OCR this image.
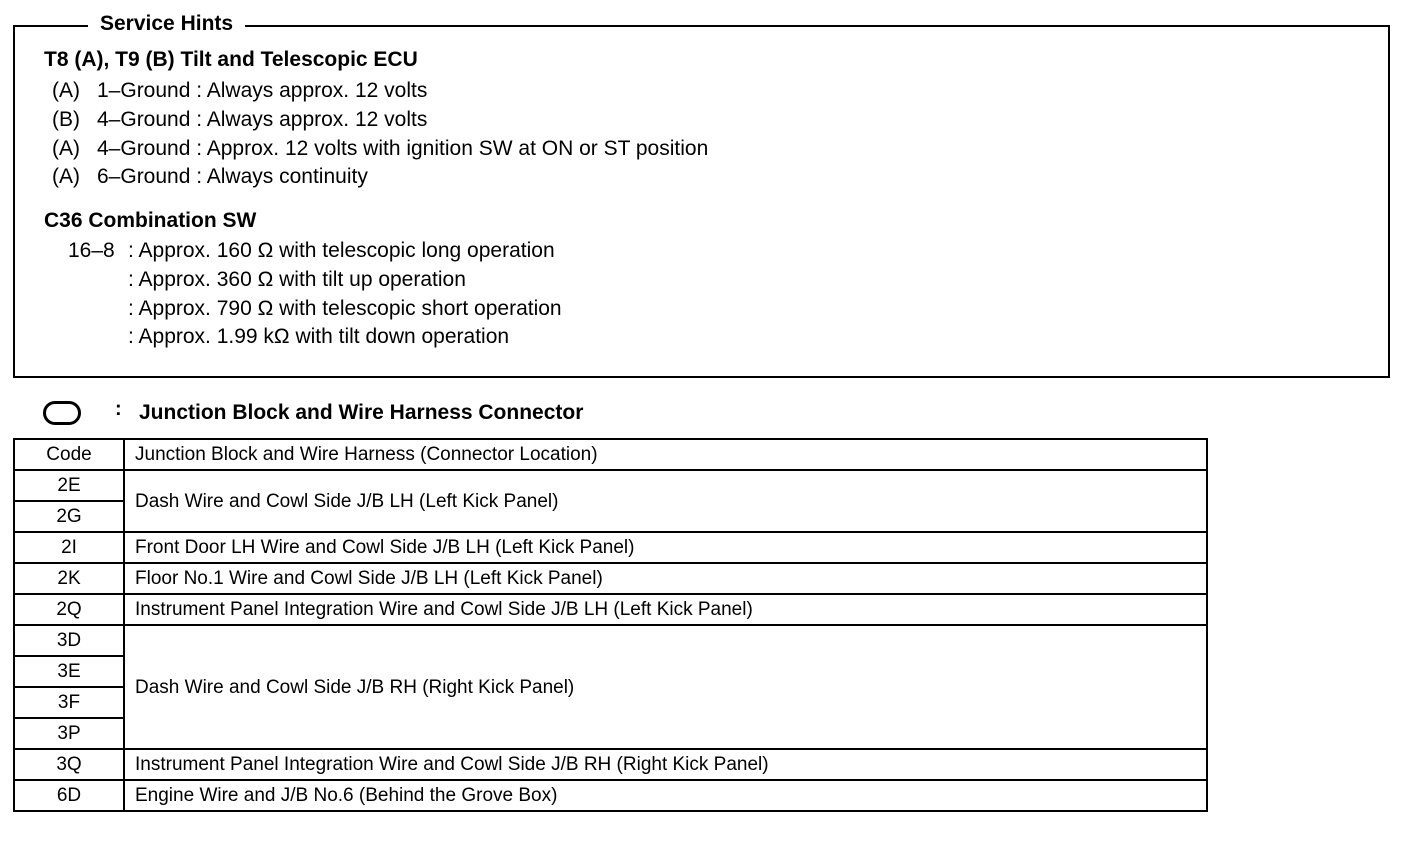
Service Hints
T8 (A), T9 (B) Tilt and Telescopic ECU
(A) 1–Ground : Always approx. 12 volts
(B) 4–Ground : Always approx. 12 volts
(A) 4–Ground : Approx. 12 volts with ignition SW at ON or ST position
(A) 6–Ground : Always continuity
C36 Combination SW
16–8 : Approx. 160 Ω with telescopic long operation
: Approx. 360 Ω with tilt up operation
: Approx. 790 Ω with telescopic short operation
: Approx. 1.99 kΩ with tilt down operation
: Junction Block and Wire Harness Connector
Code	Junction Block and Wire Harness (Connector Location)
2E	Dash Wire and Cowl Side J/B LH (Left Kick Panel)
2G	
2I	Front Door LH Wire and Cowl Side J/B LH (Left Kick Panel)
2K	Floor No.1 Wire and Cowl Side J/B LH (Left Kick Panel)
2Q	Instrument Panel Integration Wire and Cowl Side J/B LH (Left Kick Panel)
3D	Dash Wire and Cowl Side J/B RH (Right Kick Panel)
3E	
3F	
3P	
3Q	Instrument Panel Integration Wire and Cowl Side J/B RH (Right Kick Panel)
6D	Engine Wire and J/B No.6 (Behind the Grove Box)
